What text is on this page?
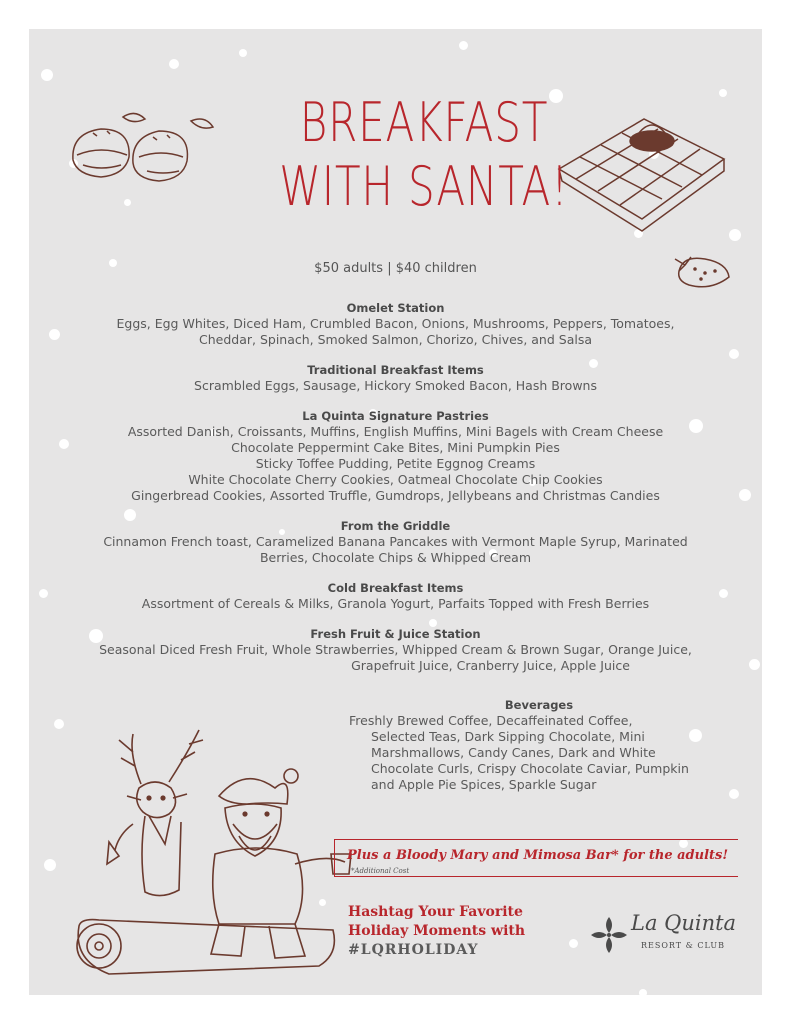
BREAKFAST
WITH SANTA!
$50 adults | $40 children
Omelet Station
Eggs, Egg Whites, Diced Ham, Crumbled Bacon, Onions, Mushrooms, Peppers, Tomatoes,
Cheddar, Spinach, Smoked Salmon, Chorizo, Chives, and Salsa
Traditional Breakfast Items
Scrambled Eggs, Sausage, Hickory Smoked Bacon, Hash Browns
La Quinta Signature Pastries
Assorted Danish, Croissants, Muffins, English Muffins, Mini Bagels with Cream Cheese
Chocolate Peppermint Cake Bites, Mini Pumpkin Pies
Sticky Toffee Pudding, Petite Eggnog Creams
White Chocolate Cherry Cookies, Oatmeal Chocolate Chip Cookies
Gingerbread Cookies, Assorted Truffle, Gumdrops, Jellybeans and Christmas Candies
From the Griddle
Cinnamon French toast, Caramelized Banana Pancakes with Vermont Maple Syrup, Marinated
Berries, Chocolate Chips & Whipped Cream
Cold Breakfast Items
Assortment of Cereals & Milks, Granola Yogurt, Parfaits Topped with Fresh Berries
Fresh Fruit & Juice Station
Seasonal Diced Fresh Fruit, Whole Strawberries, Whipped Cream & Brown Sugar, Orange Juice,
Grapefruit Juice, Cranberry Juice, Apple Juice
Beverages
Freshly Brewed Coffee, Decaffeinated Coffee,
Selected Teas, Dark Sipping Chocolate, Mini
Marshmallows, Candy Canes, Dark and White
Chocolate Curls, Crispy Chocolate Caviar, Pumpkin
and Apple Pie Spices, Sparkle Sugar
Plus a Bloody Mary and Mimosa Bar* for the adults!
*Additional Cost
Hashtag Your Favorite
Holiday Moments with
#LQRHOLIDAY
La Quinta
RESORT & CLUB
